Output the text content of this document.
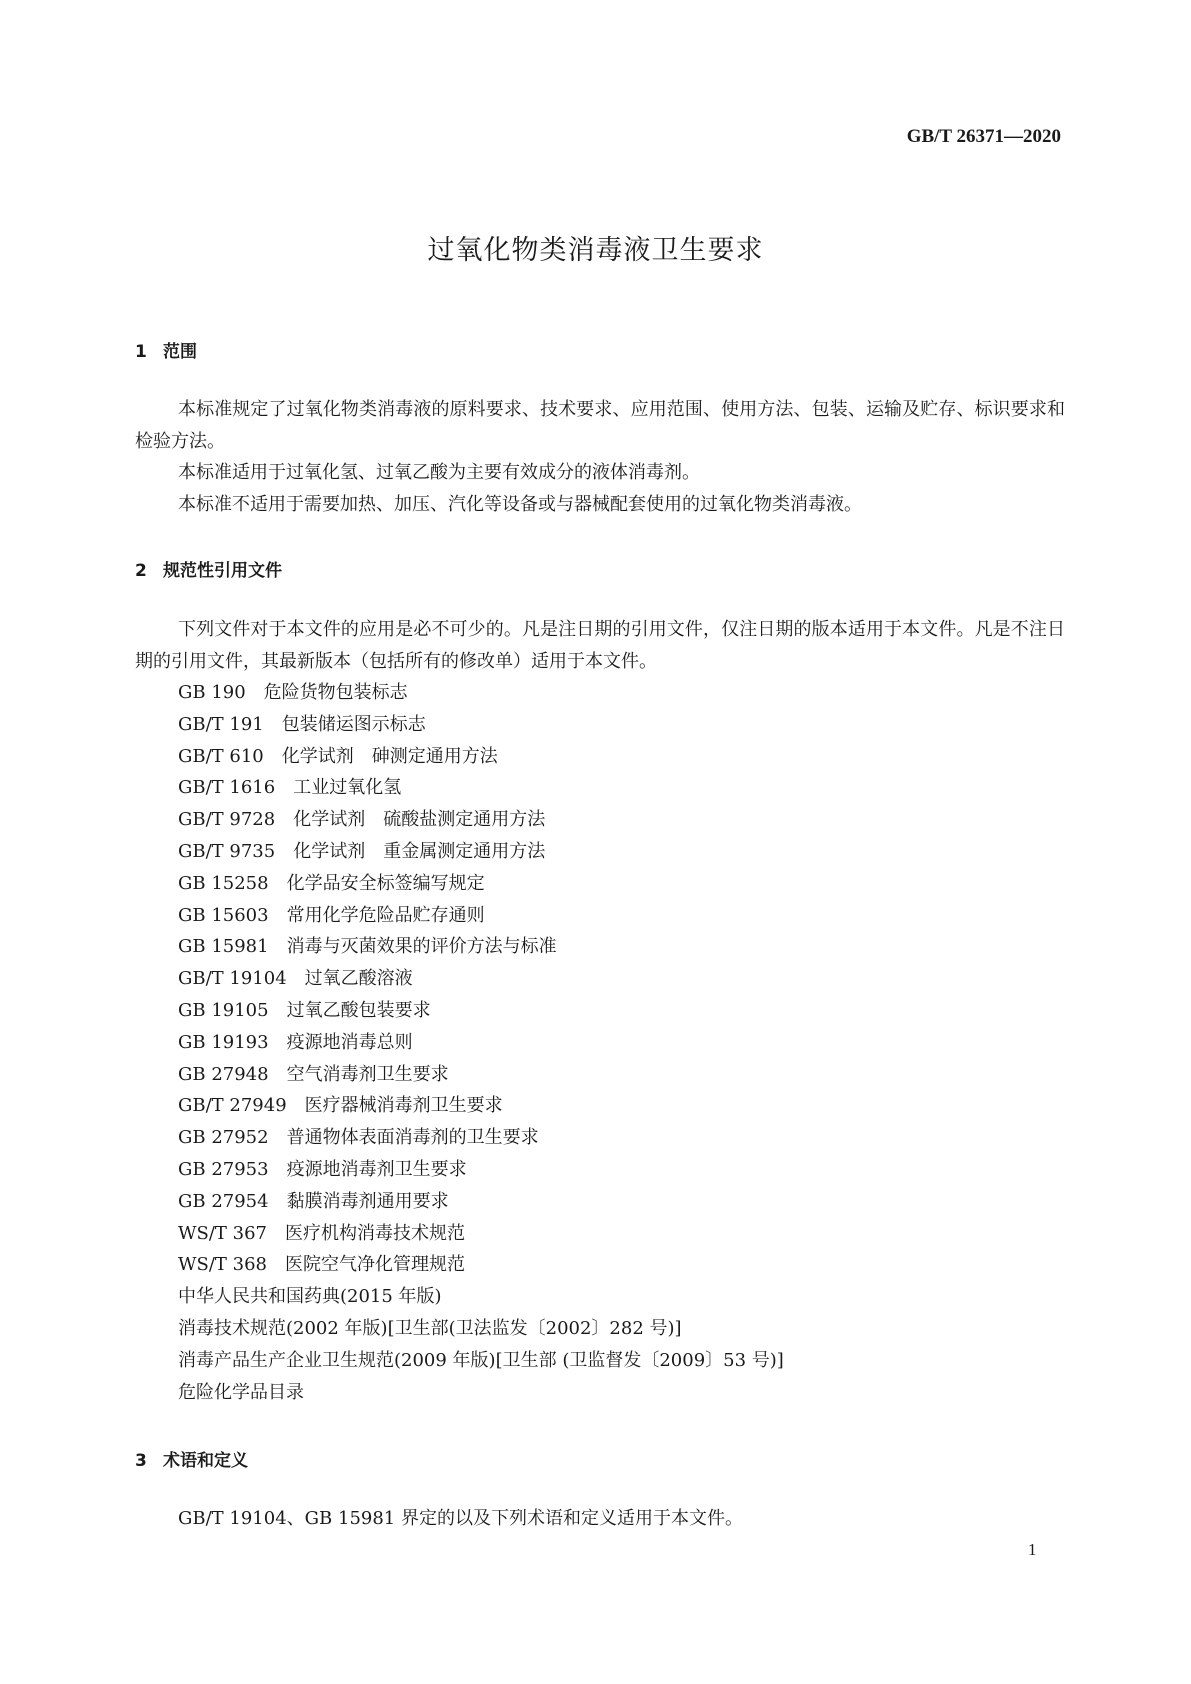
GB/T 26371—2020
过氧化物类消毒液卫生要求
1 范围

本标准规定了过氧化物类消毒液的原料要求、技术要求、应用范围、使用方法、包装、运输及贮存、标识要求和检验方法。

本标准适用于过氧化氢、过氧乙酸为主要有效成分的液体消毒剂。

本标准不适用于需要加热、加压、汽化等设备或与器械配套使用的过氧化物类消毒液。

2 规范性引用文件

下列文件对于本文件的应用是必不可少的。凡是注日期的引用文件，仅注日期的版本适用于本文件。凡是不注日期的引用文件，其最新版本（包括所有的修改单）适用于本文件。

GB 190　危险货物包装标志
GB/T 191　包装储运图示标志
GB/T 610　化学试剂　砷测定通用方法
GB/T 1616　工业过氧化氢
GB/T 9728　化学试剂　硫酸盐测定通用方法
GB/T 9735　化学试剂　重金属测定通用方法
GB 15258　化学品安全标签编写规定
GB 15603　常用化学危险品贮存通则
GB 15981　消毒与灭菌效果的评价方法与标准
GB/T 19104　过氧乙酸溶液
GB 19105　过氧乙酸包装要求
GB 19193　疫源地消毒总则
GB 27948　空气消毒剂卫生要求
GB/T 27949　医疗器械消毒剂卫生要求
GB 27952　普通物体表面消毒剂的卫生要求
GB 27953　疫源地消毒剂卫生要求
GB 27954　黏膜消毒剂通用要求
WS/T 367　医疗机构消毒技术规范
WS/T 368　医院空气净化管理规范
中华人民共和国药典(2015 年版)
消毒技术规范(2002 年版)[卫生部(卫法监发〔2002〕282 号)]
消毒产品生产企业卫生规范(2009 年版)[卫生部 (卫监督发〔2009〕53 号)]
危险化学品目录
3 术语和定义

GB/T 19104、GB 15981 界定的以及下列术语和定义适用于本文件。

1
